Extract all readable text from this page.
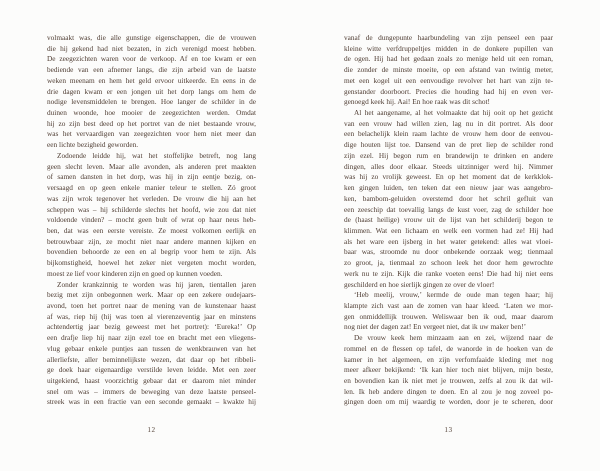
volmaakt was, die alle gunstige eigenschappen, die de vrouwen
die hij gekend had niet bezaten, in zich verenigd moest hebben.
De zeegezichten waren voor de verkoop. Af en toe kwam er een
bediende van een afnemer langs, die zijn arbeid van de laatste
weken meenam en hem het geld ervoor uitkeerde. En eens in de
drie dagen kwam er een jongen uit het dorp langs om hem de
nodige levensmiddelen te brengen. Hoe langer de schilder in de
duinen woonde, hoe mooier de zeegezichten werden. Omdat
hij zo zijn best deed op het portret van de niet bestaande vrouw,
was het vervaardigen van zeegezichten voor hem niet meer dan
een lichte bezigheid geworden.
Zodoende leidde hij, wat het stoffelijke betreft, nog lang
geen slecht leven. Maar alle avonden, als anderen pret maakten
of samen dansten in het dorp, was hij in zijn eentje bezig, on-
versaagd en op geen enkele manier teleur te stellen. Zó groot
was zijn wrok tegenover het verleden. De vrouw die hij aan het
scheppen was – hij schilderde slechts het hoofd, wie zou dat niet
voldoende vinden? – mocht geen bult of wrat op haar neus heb-
ben, dat was een eerste vereiste. Ze moest volkomen eerlijk en
betrouwbaar zijn, ze mocht niet naar andere mannen kijken en
bovendien behoorde ze een en al begrip voor hem te zijn. Als
bijkomstigheid, hoewel het zeker niet vergeten mocht worden,
moest ze lief voor kinderen zijn en goed op kunnen voeden.
Zonder krankzinnig te worden was hij jaren, tientallen jaren
bezig met zijn onbegonnen werk. Maar op een zekere oudejaars-
avond, toen het portret naar de mening van de kunstenaar haast
af was, riep hij (hij was toen al vierenzeventig jaar en minstens
achtendertig jaar bezig geweest met het portret): ‘Eureka!’ Op
een drafje liep hij naar zijn ezel toe en bracht met een vliegens-
vlug gebaar enkele puntjes aan tussen de wenkbrauwen van het
allerliefste, aller beminnelijkste wezen, dat daar op het ribbeli-
ge doek haar eigenaardige verstilde leven leidde. Met een zeer
uitgekiend, haast voorzichtig gebaar dat er daarom niet minder
snel om was – immers de beweging van deze laatste penseel-
streek was in een fractie van een seconde gemaakt – kwakte hij
vanaf de dungepunte haarbundeling van zijn penseel een paar
kleine witte verfdruppeltjes midden in de donkere pupillen van
de ogen. Hij had het gedaan zoals zo menige held uit een roman,
die zonder de minste moeite, op een afstand van twintig meter,
met een kogel uit een eenvoudige revolver het hart van zijn te-
genstander doorboort. Precies die houding had hij en even ver-
genoegd keek hij. Aai! En hoe raak was dit schot!
Al het aangename, al het volmaakte dat hij ooit op het gezicht
van een vrouw had willen zien, lag nu in dit portret. Als door
een belachelijk klein raam lachte de vrouw hem door de eenvou-
dige houten lijst toe. Dansend van de pret liep de schilder rond
zijn ezel. Hij begon rum en brandewijn te drinken en andere
dingen, alles door elkaar. Steeds uitzinniger werd hij. Nimmer
was hij zo vrolijk geweest. En op het moment dat de kerkklok-
ken gingen luiden, ten teken dat een nieuw jaar was aangebro-
ken, bambom-geluiden overstemd door het schril gefluit van
een zeeschip dat toevallig langs de kust voer, zag de schilder hoe
de (haast heilige) vrouw uit de lijst van het schilderij begon te
klimmen. Wat een lichaam en welk een vormen had ze! Hij had
als het ware een ijsberg in het water getekend: alles wat vloei-
baar was, stroomde nu door onbekende oorzaak weg; tienmaal
zo groot, ja, tienmaal zo schoon leek het door hem gewrochte
werk nu te zijn. Kijk die ranke voeten eens! Die had hij niet eens
geschilderd en hoe sierlijk gingen ze over de vloer!
‘Heb meelij, vrouw,’ kermde de oude man tegen haar; hij
klampte zich vast aan de zomen van haar kleed. ‘Laten we mor-
gen onmiddellijk trouwen. Weliswaar ben ik oud, maar daarom
nog niet der dagen zat! En vergeet niet, dat ik uw maker ben!’
De vrouw keek hem minzaam aan en zei, wijzend naar de
rommel en de flessen op tafel, de wanorde in de hoeken van de
kamer in het algemeen, en zijn verfomfaaide kleding met nog
meer afkeer bekijkend: ‘Ik kan hier toch niet blijven, mijn beste,
en bovendien kan ik niet met je trouwen, zelfs al zou ik dat wil-
len. Ik heb andere dingen te doen. En al zou je nog zoveel po-
gingen doen om mij waardig te worden, door je te scheren, door
12	13
